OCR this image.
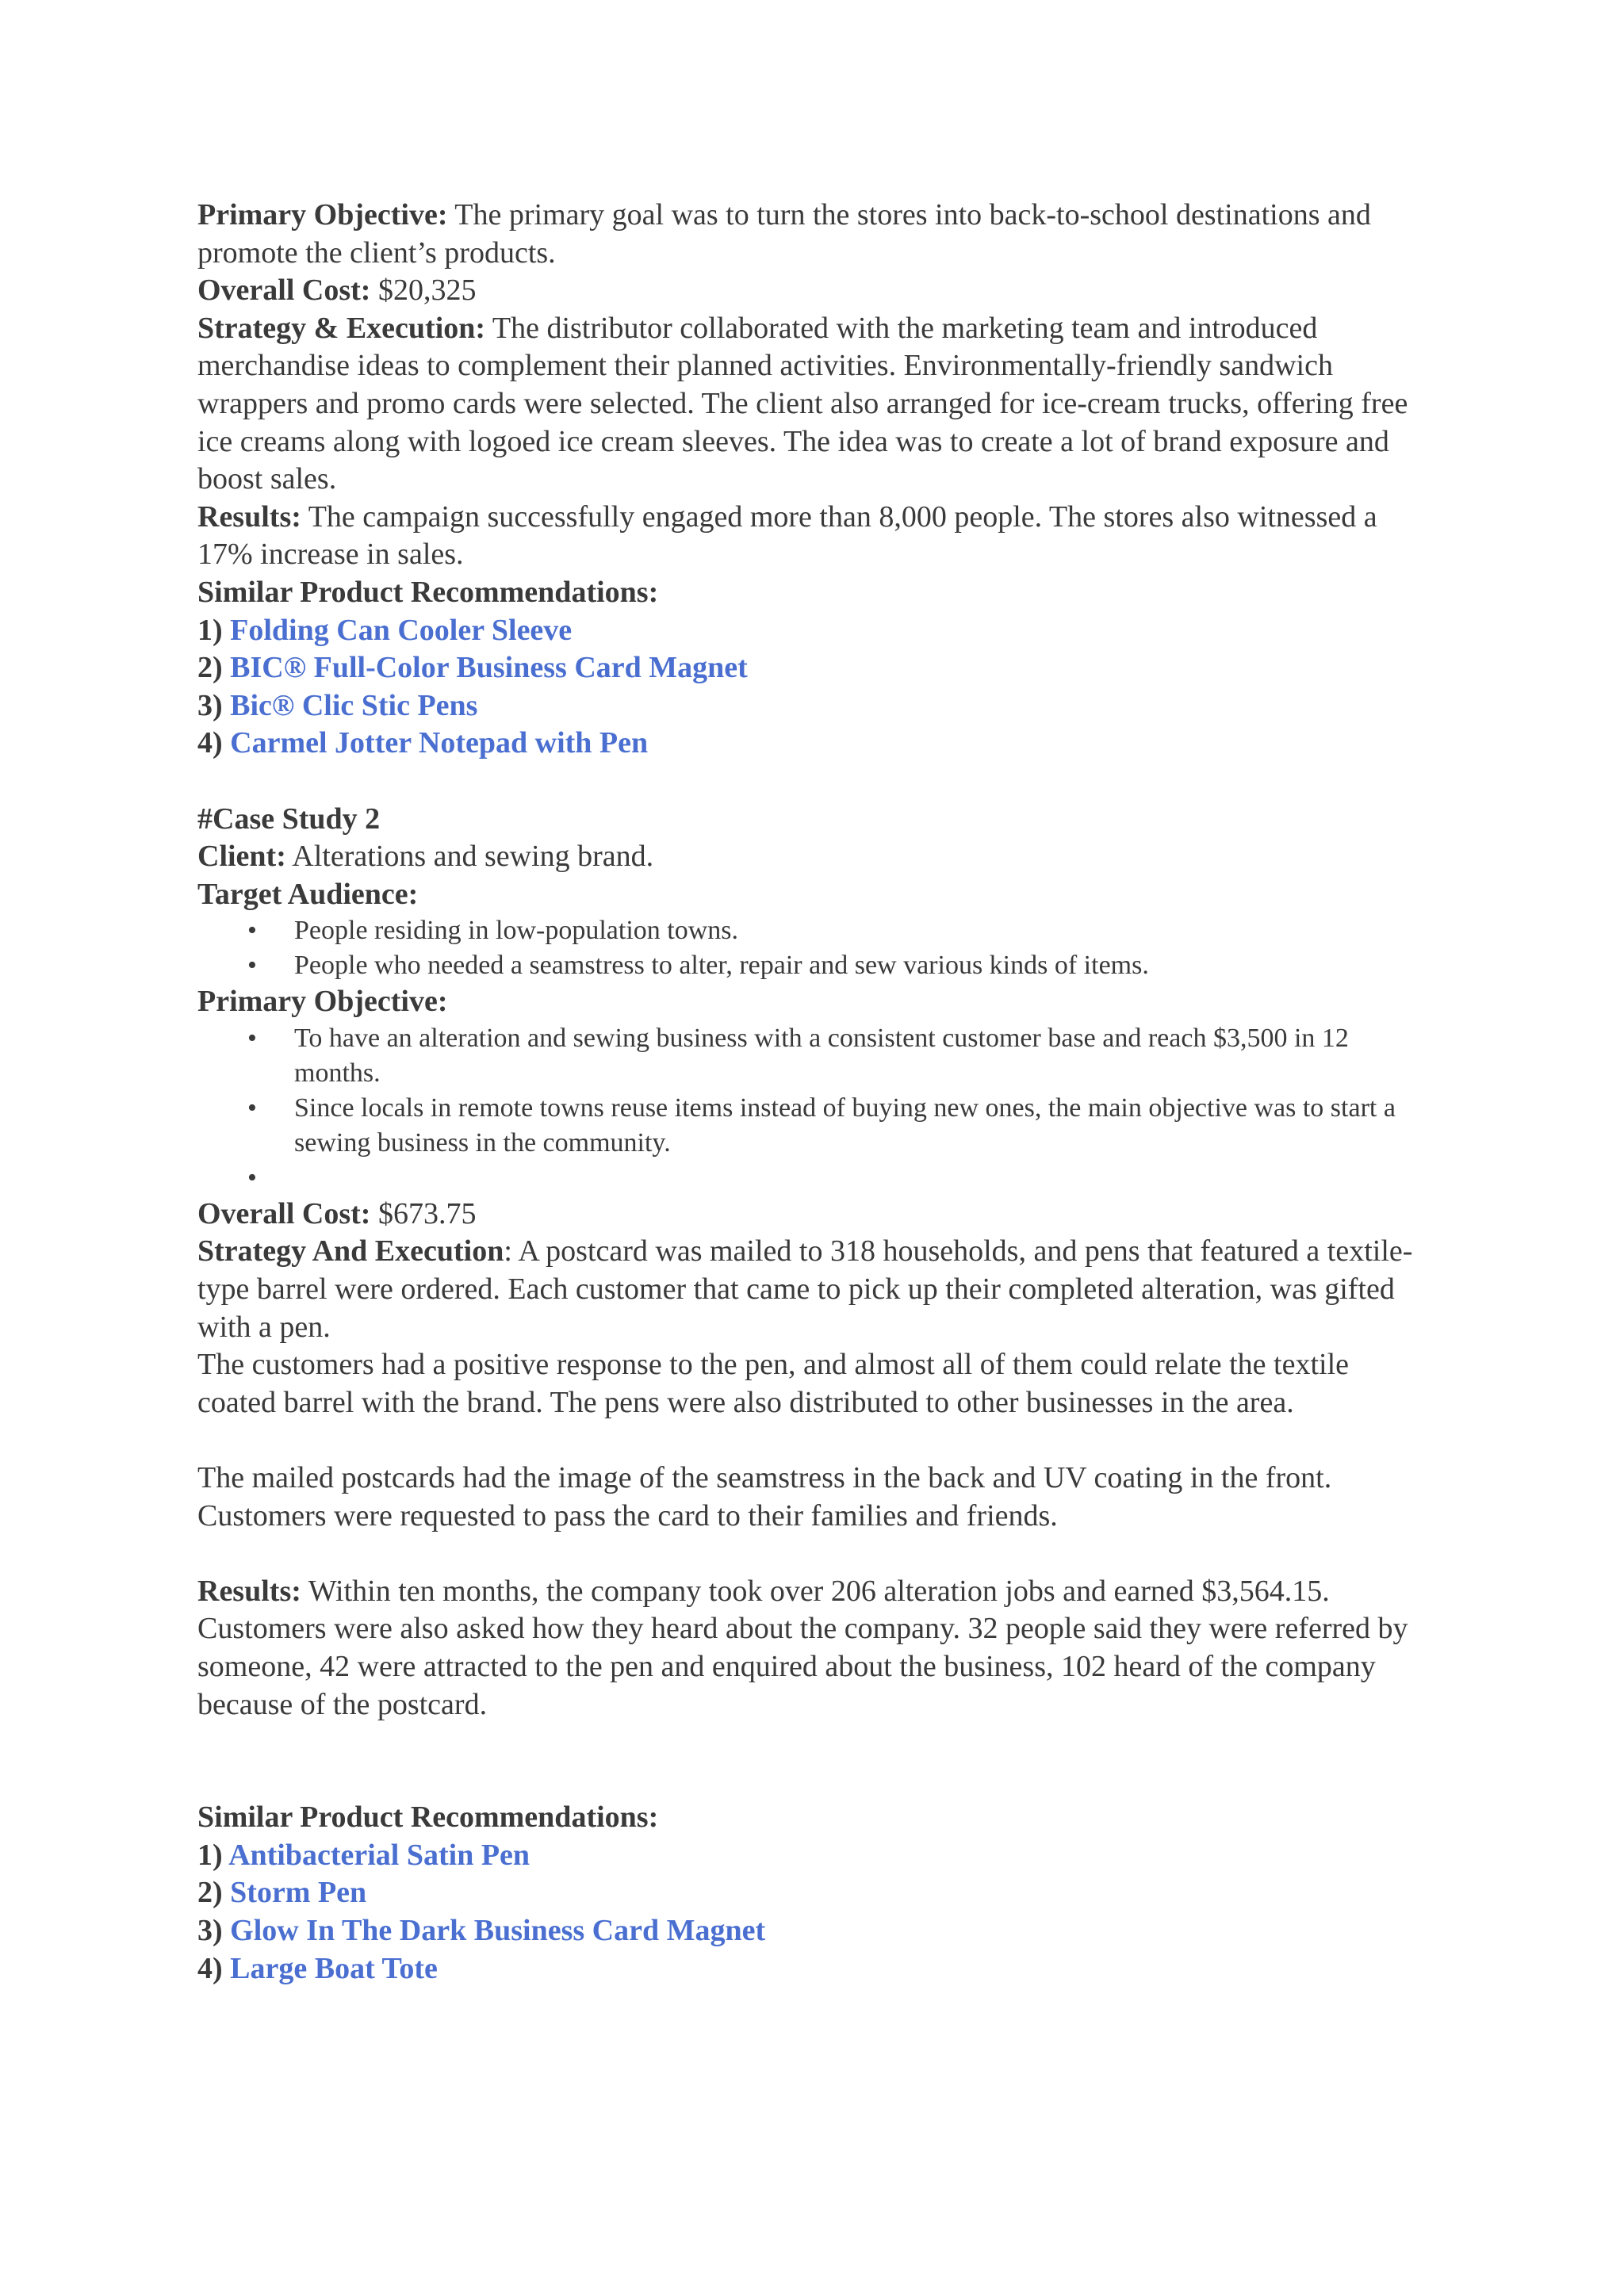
Primary Objective: The primary goal was to turn the stores into back-to-school destinations and promote the client’s products.

Overall Cost: $20,325

Strategy & Execution: The distributor collaborated with the marketing team and introduced merchandise ideas to complement their planned activities. Environmentally-friendly sandwich wrappers and promo cards were selected. The client also arranged for ice-cream trucks, offering free ice creams along with logoed ice cream sleeves. The idea was to create a lot of brand exposure and boost sales.

Results: The campaign successfully engaged more than 8,000 people. The stores also witnessed a 17% increase in sales.

Similar Product Recommendations:

1) Folding Can Cooler Sleeve

2) BIC® Full-Color Business Card Magnet

3) Bic® Clic Stic Pens

4) Carmel Jotter Notepad with Pen

#Case Study 2

Client: Alterations and sewing brand.

Target Audience:

• People residing in low-population towns.
• People who needed a seamstress to alter, repair and sew various kinds of items.

Primary Objective:

• To have an alteration and sewing business with a consistent customer base and reach $3,500 in 12 months.
• Since locals in remote towns reuse items instead of buying new ones, the main objective was to start a sewing business in the community.
•

Overall Cost: $673.75

Strategy And Execution: A postcard was mailed to 318 households, and pens that featured a textile-type barrel were ordered. Each customer that came to pick up their completed alteration, was gifted with a pen.

The customers had a positive response to the pen, and almost all of them could relate the textile coated barrel with the brand. The pens were also distributed to other businesses in the area.

The mailed postcards had the image of the seamstress in the back and UV coating in the front. Customers were requested to pass the card to their families and friends.

Results: Within ten months, the company took over 206 alteration jobs and earned $3,564.15. Customers were also asked how they heard about the company. 32 people said they were referred by someone, 42 were attracted to the pen and enquired about the business, 102 heard of the company because of the postcard.

Similar Product Recommendations:

1) Antibacterial Satin Pen

2) Storm Pen

3) Glow In The Dark Business Card Magnet

4) Large Boat Tote
